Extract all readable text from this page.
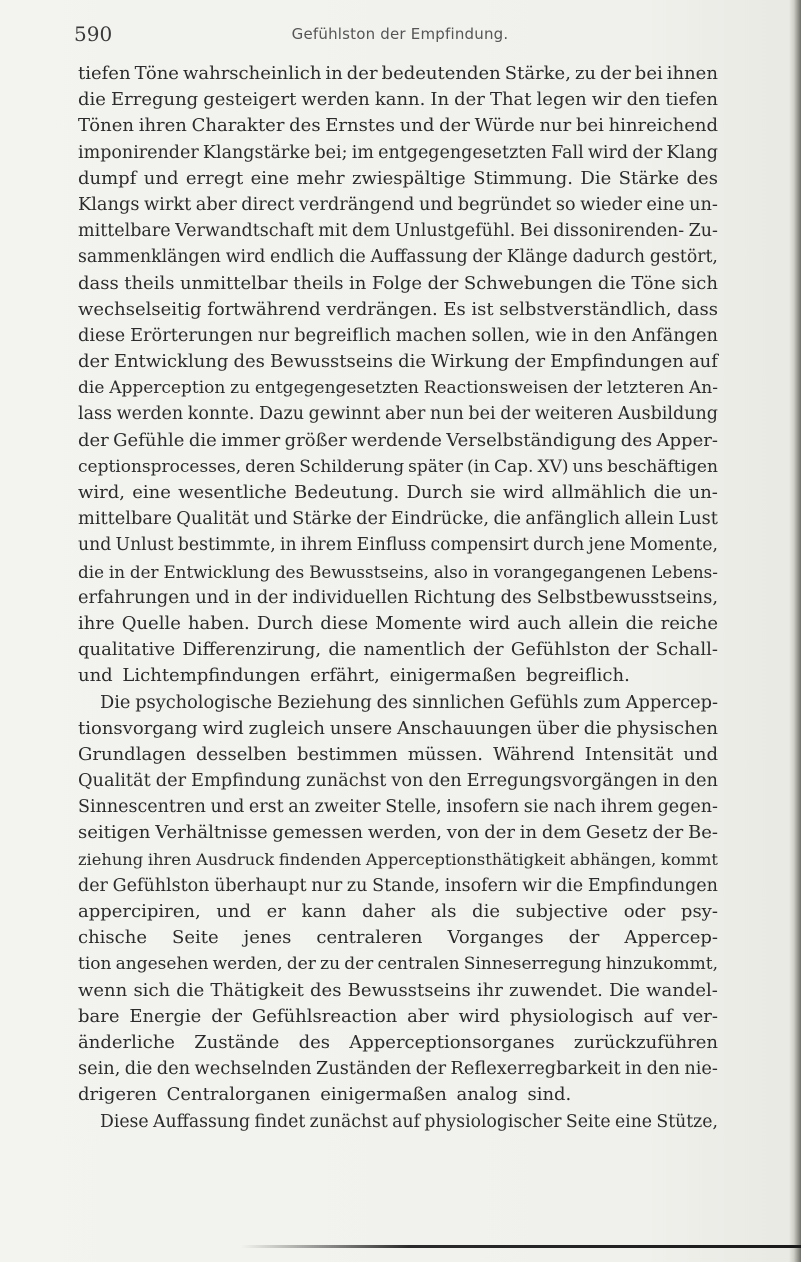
590	Gefühlston der Empfindung.
tiefen Töne wahrscheinlich in der bedeutenden Stärke, zu der bei ihnen
die Erregung gesteigert werden kann. In der That legen wir den tiefen
Tönen ihren Charakter des Ernstes und der Würde nur bei hinreichend
imponirender Klangstärke bei; im entgegengesetzten Fall wird der Klang
dumpf und erregt eine mehr zwiespältige Stimmung. Die Stärke des
Klangs wirkt aber direct verdrängend und begründet so wieder eine un-
mittelbare Verwandtschaft mit dem Unlustgefühl. Bei dissonirenden- Zu-
sammenklängen wird endlich die Auffassung der Klänge dadurch gestört,
dass theils unmittelbar theils in Folge der Schwebungen die Töne sich
wechselseitig fortwährend verdrängen. Es ist selbstverständlich, dass
diese Erörterungen nur begreiflich machen sollen, wie in den Anfängen
der Entwicklung des Bewusstseins die Wirkung der Empfindungen auf
die Apperception zu entgegengesetzten Reactionsweisen der letzteren An-
lass werden konnte. Dazu gewinnt aber nun bei der weiteren Ausbildung
der Gefühle die immer größer werdende Verselbständigung des Apper-
ceptionsprocesses, deren Schilderung später (in Cap. XV) uns beschäftigen
wird, eine wesentliche Bedeutung. Durch sie wird allmählich die un-
mittelbare Qualität und Stärke der Eindrücke, die anfänglich allein Lust
und Unlust bestimmte, in ihrem Einfluss compensirt durch jene Momente,
die in der Entwicklung des Bewusstseins, also in vorangegangenen Lebens-
erfahrungen und in der individuellen Richtung des Selbstbewusstseins,
ihre Quelle haben. Durch diese Momente wird auch allein die reiche
qualitative Differenzirung, die namentlich der Gefühlston der Schall-
und Lichtempfindungen erfährt, einigermaßen begreiflich.
Die psychologische Beziehung des sinnlichen Gefühls zum Appercep-
tionsvorgang wird zugleich unsere Anschauungen über die physischen
Grundlagen desselben bestimmen müssen. Während Intensität und
Qualität der Empfindung zunächst von den Erregungsvorgängen in den
Sinnescentren und erst an zweiter Stelle, insofern sie nach ihrem gegen-
seitigen Verhältnisse gemessen werden, von der in dem Gesetz der Be-
ziehung ihren Ausdruck findenden Apperceptionsthätigkeit abhängen, kommt
der Gefühlston überhaupt nur zu Stande, insofern wir die Empfindungen
appercipiren, und er kann daher als die subjective oder psy-
chische Seite jenes centraleren Vorganges der Appercep-
tion angesehen werden, der zu der centralen Sinneserregung hinzukommt,
wenn sich die Thätigkeit des Bewusstseins ihr zuwendet. Die wandel-
bare Energie der Gefühlsreaction aber wird physiologisch auf ver-
änderliche Zustände des Apperceptionsorganes zurückzuführen
sein, die den wechselnden Zuständen der Reflexerregbarkeit in den nie-
drigeren Centralorganen einigermaßen analog sind.
Diese Auffassung findet zunächst auf physiologischer Seite eine Stütze,
